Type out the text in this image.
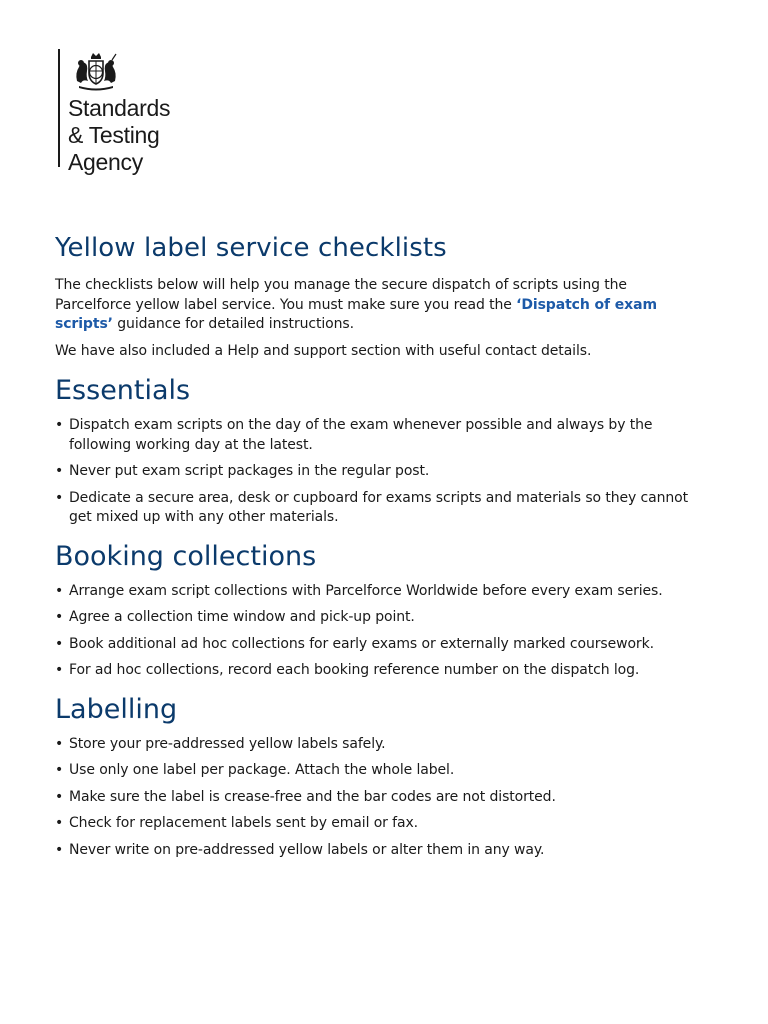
Standards
& Testing
Agency
Yellow label service checklists

The checklists below will help you manage the secure dispatch of scripts using the Parcelforce yellow label service. You must make sure you read the ‘Dispatch of exam scripts’ guidance for detailed instructions.

We have also included a Help and support section with useful contact details.

Essentials
• Dispatch exam scripts on the day of the exam whenever possible and always by the following working day at the latest.
• Never put exam script packages in the regular post.
• Dedicate a secure area, desk or cupboard for exams scripts and materials so they cannot get mixed up with any other materials.
Booking collections
• Arrange exam script collections with Parcelforce Worldwide before every exam series.
• Agree a collection time window and pick-up point.
• Book additional ad hoc collections for early exams or externally marked coursework.
• For ad hoc collections, record each booking reference number on the dispatch log.
Labelling
• Store your pre-addressed yellow labels safely.
• Use only one label per package. Attach the whole label.
• Make sure the label is crease-free and the bar codes are not distorted.
• Check for replacement labels sent by email or fax.
• Never write on pre-addressed yellow labels or alter them in any way.
